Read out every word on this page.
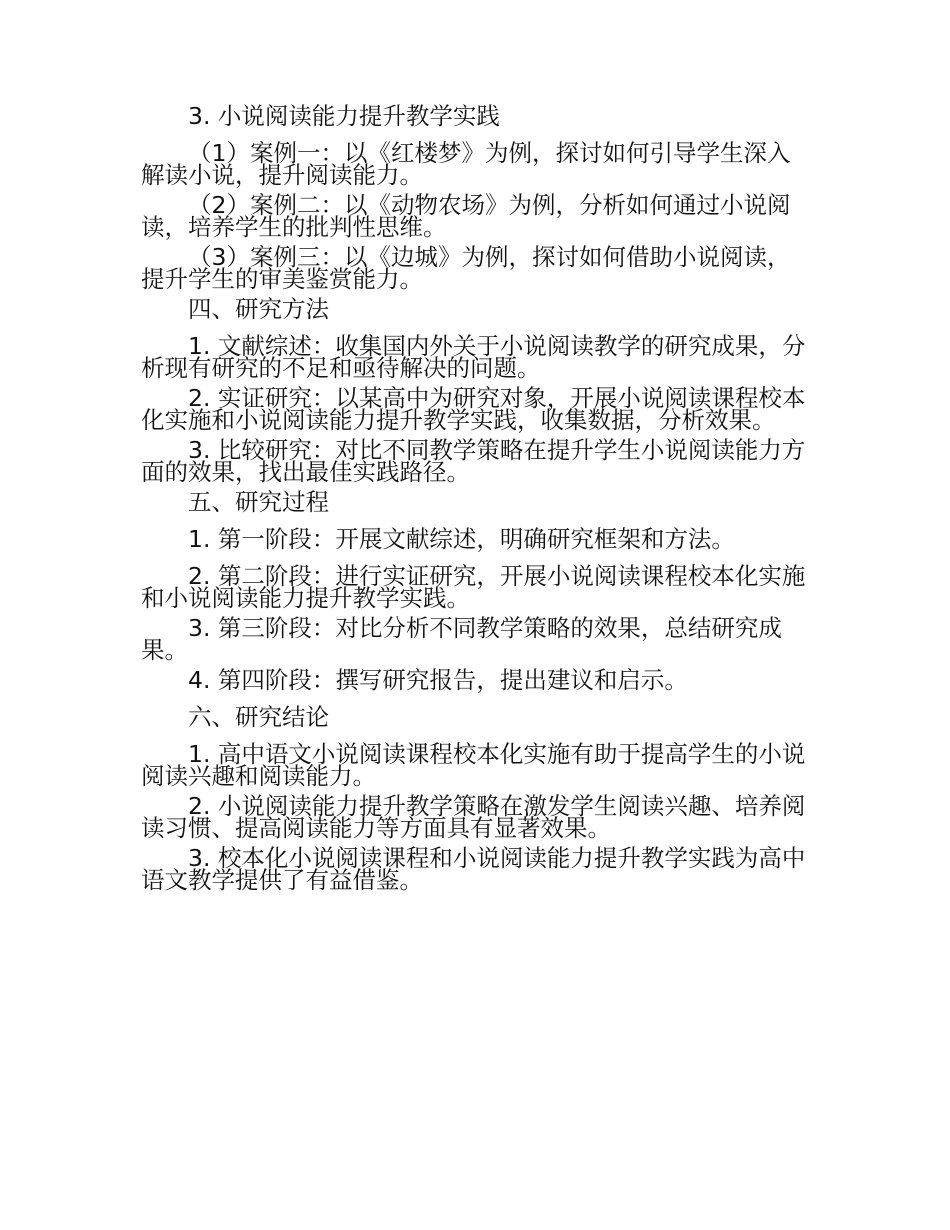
3. 小说阅读能力提升教学实践

（1）案例一：以《红楼梦》为例，探讨如何引导学生深入解读小说，提升阅读能力。

（2）案例二：以《动物农场》为例，分析如何通过小说阅读，培养学生的批判性思维。

（3）案例三：以《边城》为例，探讨如何借助小说阅读，提升学生的审美鉴赏能力。

四、研究方法

1. 文献综述：收集国内外关于小说阅读教学的研究成果，分析现有研究的不足和亟待解决的问题。

2. 实证研究：以某高中为研究对象，开展小说阅读课程校本化实施和小说阅读能力提升教学实践，收集数据，分析效果。

3. 比较研究：对比不同教学策略在提升学生小说阅读能力方面的效果，找出最佳实践路径。

五、研究过程

1. 第一阶段：开展文献综述，明确研究框架和方法。

2. 第二阶段：进行实证研究，开展小说阅读课程校本化实施和小说阅读能力提升教学实践。

3. 第三阶段：对比分析不同教学策略的效果，总结研究成果。

4. 第四阶段：撰写研究报告，提出建议和启示。

六、研究结论

1. 高中语文小说阅读课程校本化实施有助于提高学生的小说阅读兴趣和阅读能力。

2. 小说阅读能力提升教学策略在激发学生阅读兴趣、培养阅读习惯、提高阅读能力等方面具有显著效果。

3. 校本化小说阅读课程和小说阅读能力提升教学实践为高中语文教学提供了有益借鉴。
